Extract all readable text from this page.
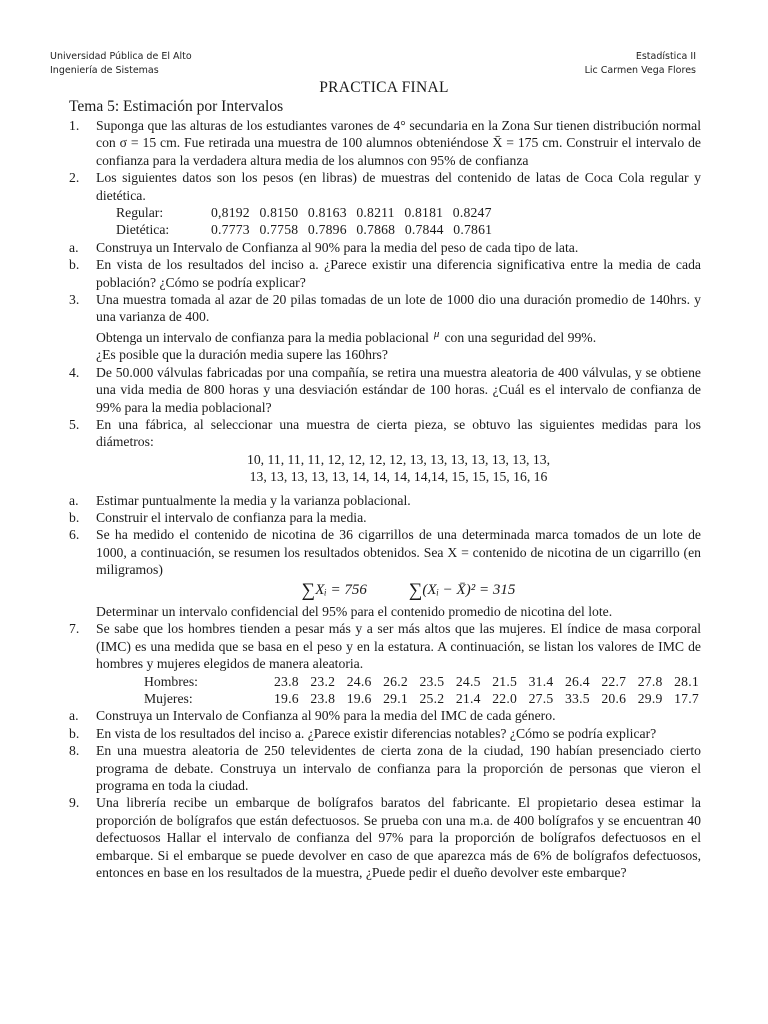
Universidad Pública de El Alto
Ingeniería de Sistemas
Estadística II
Lic Carmen Vega Flores
PRACTICA FINAL
Tema 5: Estimación por Intervalos
1. Suponga que las alturas de los estudiantes varones de 4° secundaria en la Zona Sur tienen distribución normal con σ = 15 cm. Fue retirada una muestra de 100 alumnos obteniéndose X̄ = 175 cm. Construir el intervalo de confianza para la verdadera altura media de los alumnos con 95% de confianza

2. Los siguientes datos son los pesos (en libras) de muestras del contenido de latas de Coca Cola regular y dietética.

Regular:	0,8192 0.8150 0.8163 0.8211 0.8181 0.8247
Dietética:	0.7773 0.7758 0.7896 0.7868 0.7844 0.7861
a. Construya un Intervalo de Confianza al 90% para la media del peso de cada tipo de lata.
b. En vista de los resultados del inciso a. ¿Parece existir una diferencia significativa entre la media de cada población? ¿Cómo se podría explicar?
3. Una muestra tomada al azar de 20 pilas tomadas de un lote de 1000 dio una duración promedio de 140hrs. y una varianza de 400.

Obtenga un intervalo de confianza para la media poblacional $^\mu$ con una seguridad del 99%.

¿Es posible que la duración media supere las 160hrs?

4. De 50.000 válvulas fabricadas por una compañía, se retira una muestra aleatoria de 400 válvulas, y se obtiene una vida media de 800 horas y una desviación estándar de 100 horas. ¿Cuál es el intervalo de confianza de 99% para la media poblacional?

5. En una fábrica, al seleccionar una muestra de cierta pieza, se obtuvo las siguientes medidas para los diámetros:

10, 11, 11, 11, 12, 12, 12, 12, 13, 13, 13, 13, 13, 13, 13,
13, 13, 13, 13, 13, 14, 14, 14, 14,14, 15, 15, 15, 16, 16
a. Estimar puntualmente la media y la varianza poblacional.
b. Construir el intervalo de confianza para la media.
6. Se ha medido el contenido de nicotina de 36 cigarrillos de una determinada marca tomados de un lote de 1000, a continuación, se resumen los resultados obtenidos. Sea X = contenido de nicotina de un cigarrillo (en miligramos)

∑Xᵢ = 756 ∑(Xᵢ − X̄)² = 315

Determinar un intervalo confidencial del 95% para el contenido promedio de nicotina del lote.

7. Se sabe que los hombres tienden a pesar más y a ser más altos que las mujeres. El índice de masa corporal (IMC) es una medida que se basa en el peso y en la estatura. A continuación, se listan los valores de IMC de hombres y mujeres elegidos de manera aleatoria.

Hombres:	23.8 23.2 24.6 26.2 23.5 24.5 21.5 31.4 26.4 22.7 27.8 28.1
Mujeres:	19.6 23.8 19.6 29.1 25.2 21.4 22.0 27.5 33.5 20.6 29.9 17.7
a. Construya un Intervalo de Confianza al 90% para la media del IMC de cada género.
b. En vista de los resultados del inciso a. ¿Parece existir diferencias notables? ¿Cómo se podría explicar?
8. En una muestra aleatoria de 250 televidentes de cierta zona de la ciudad, 190 habían presenciado cierto programa de debate. Construya un intervalo de confianza para la proporción de personas que vieron el programa en toda la ciudad.

9. Una librería recibe un embarque de bolígrafos baratos del fabricante. El propietario desea estimar la proporción de bolígrafos que están defectuosos. Se prueba con una m.a. de 400 bolígrafos y se encuentran 40 defectuosos Hallar el intervalo de confianza del 97% para la proporción de bolígrafos defectuosos en el embarque. Si el embarque se puede devolver en caso de que aparezca más de 6% de bolígrafos defectuosos, entonces en base en los resultados de la muestra, ¿Puede pedir el dueño devolver este embarque?
